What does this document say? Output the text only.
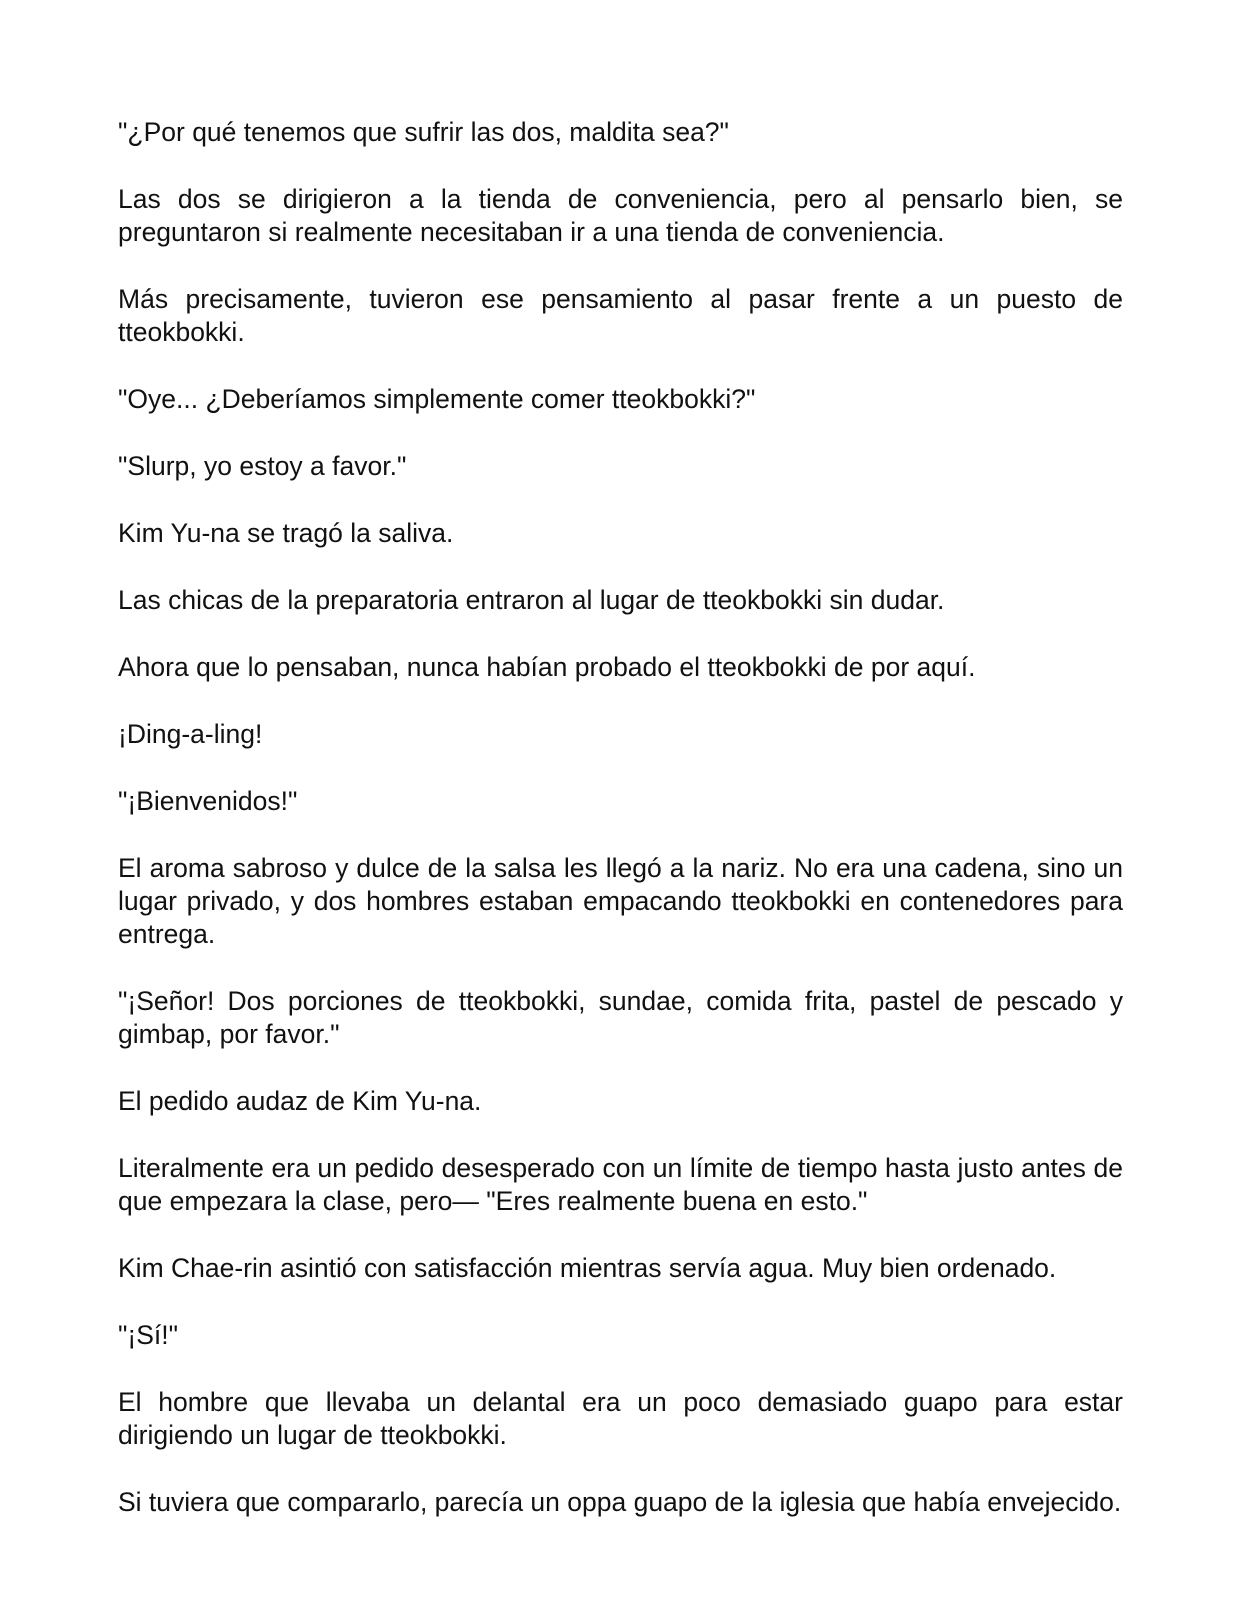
"¿Por qué tenemos que sufrir las dos, maldita sea?"

Las dos se dirigieron a la tienda de conveniencia, pero al pensarlo bien, se preguntaron si realmente necesitaban ir a una tienda de conveniencia.

Más precisamente, tuvieron ese pensamiento al pasar frente a un puesto de tteokbokki.

"Oye... ¿Deberíamos simplemente comer tteokbokki?"

"Slurp, yo estoy a favor."

Kim Yu-na se tragó la saliva.

Las chicas de la preparatoria entraron al lugar de tteokbokki sin dudar.

Ahora que lo pensaban, nunca habían probado el tteokbokki de por aquí.

¡Ding-a-ling!

"¡Bienvenidos!"

El aroma sabroso y dulce de la salsa les llegó a la nariz. No era una cadena, sino un lugar privado, y dos hombres estaban empacando tteokbokki en contenedores para entrega.

"¡Señor! Dos porciones de tteokbokki, sundae, comida frita, pastel de pescado y gimbap, por favor."

El pedido audaz de Kim Yu-na.

Literalmente era un pedido desesperado con un límite de tiempo hasta justo antes de que empezara la clase, pero— "Eres realmente buena en esto."

Kim Chae-rin asintió con satisfacción mientras servía agua. Muy bien ordenado.

"¡Sí!"

El hombre que llevaba un delantal era un poco demasiado guapo para estar dirigiendo un lugar de tteokbokki.

Si tuviera que compararlo, parecía un oppa guapo de la iglesia que había envejecido.
